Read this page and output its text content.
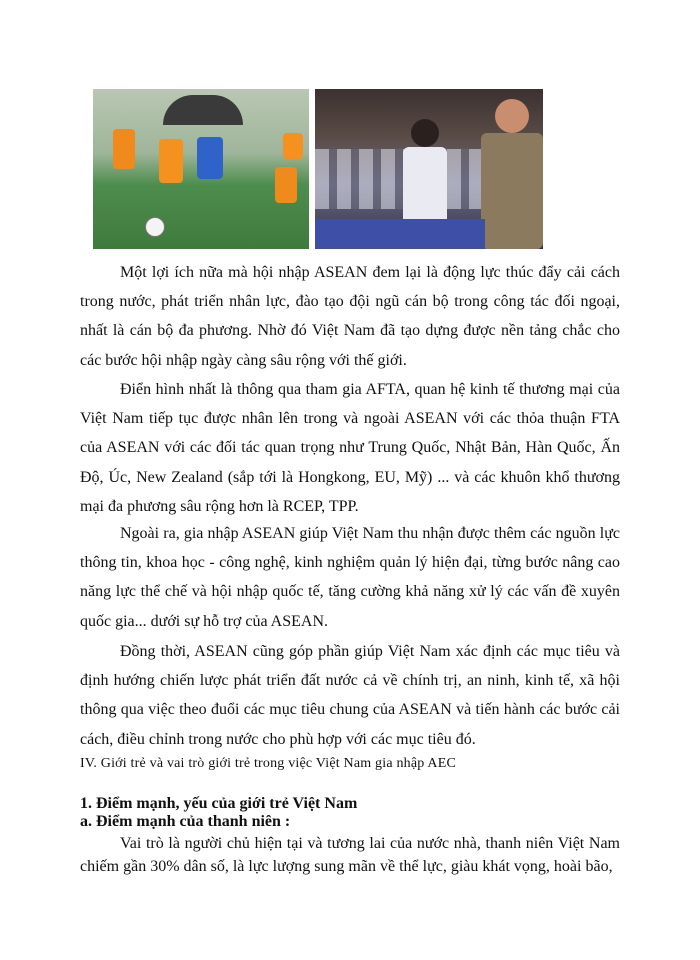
Một lợi ích nữa mà hội nhập ASEAN đem lại là động lực thúc đẩy cải cách trong nước, phát triển nhân lực, đào tạo đội ngũ cán bộ trong công tác đối ngoại, nhất là cán bộ đa phương. Nhờ đó Việt Nam đã tạo dựng được nền tảng chắc cho các bước hội nhập ngày càng sâu rộng với thế giới.

Điển hình nhất là thông qua tham gia AFTA, quan hệ kinh tế thương mại của Việt Nam tiếp tục được nhân lên trong và ngoài ASEAN với các thỏa thuận FTA của ASEAN với các đối tác quan trọng như Trung Quốc, Nhật Bản, Hàn Quốc, Ấn Độ, Úc, New Zealand (sắp tới là Hongkong, EU, Mỹ) ... và các khuôn khổ thương mại đa phương sâu rộng hơn là RCEP, TPP.

Ngoài ra, gia nhập ASEAN giúp Việt Nam thu nhận được thêm các nguồn lực thông tin, khoa học - công nghệ, kinh nghiệm quản lý hiện đại, từng bước nâng cao năng lực thể chế và hội nhập quốc tế, tăng cường khả năng xử lý các vấn đề xuyên quốc gia... dưới sự hỗ trợ của ASEAN.

Đồng thời, ASEAN cũng góp phần giúp Việt Nam xác định các mục tiêu và định hướng chiến lược phát triển đất nước cả về chính trị, an ninh, kinh tế, xã hội thông qua việc theo đuổi các mục tiêu chung của ASEAN và tiến hành các bước cải cách, điều chỉnh trong nước cho phù hợp với các mục tiêu đó.

IV. Giới trẻ và vai trò giới trẻ trong việc Việt Nam gia nhập AEC

1. Điểm mạnh, yếu của giới trẻ Việt Nam

a. Điểm mạnh của thanh niên :

Vai trò là người chủ hiện tại và tương lai của nước nhà, thanh niên Việt Nam chiếm gần 30% dân số, là lực lượng sung mãn về thể lực, giàu khát vọng, hoài bão,
